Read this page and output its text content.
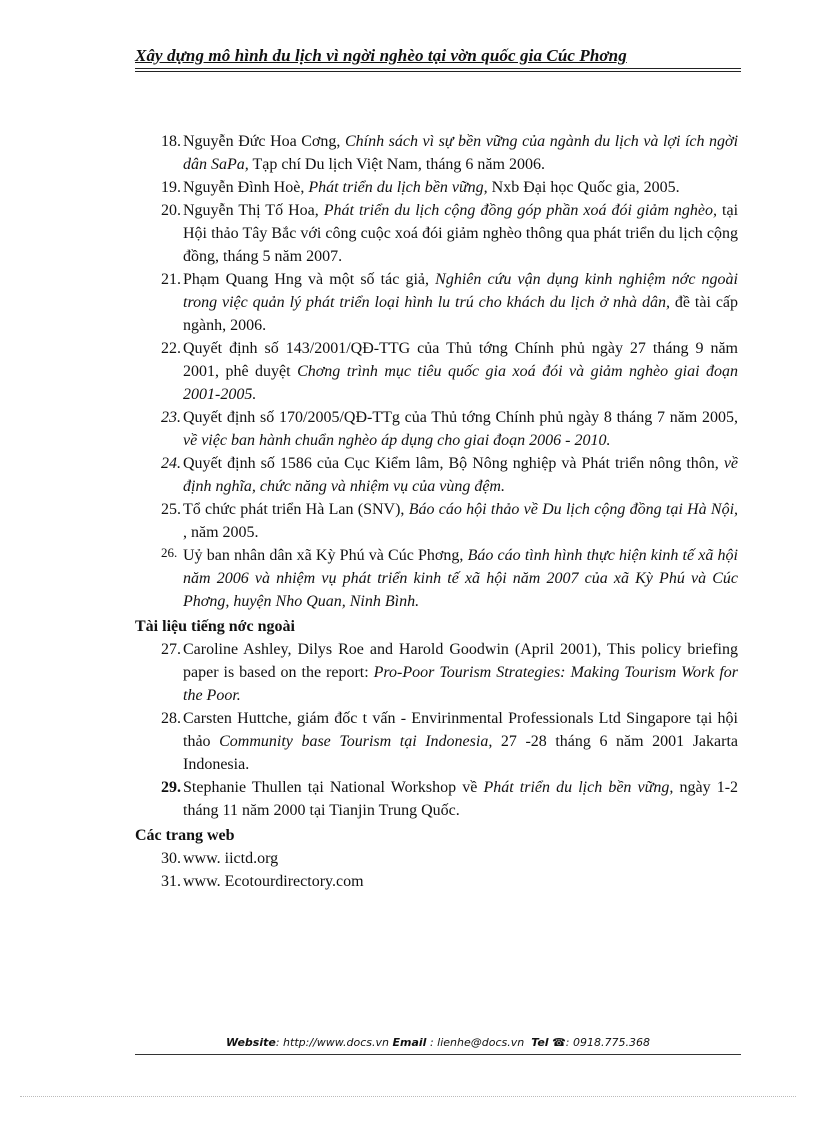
Xây dựng mô hình du lịch vì ngời nghèo tại vờn quốc gia Cúc Phơng
18. Nguyễn Đức Hoa Cơng, Chính sách vì sự bền vững của ngành du lịch và lợi ích ngời dân SaPa, Tạp chí Du lịch Việt Nam, tháng 6 năm 2006.
19. Nguyễn Đình Hoè, Phát triển du lịch bền vững, Nxb Đại học Quốc gia, 2005.
20. Nguyễn Thị Tố Hoa, Phát triển du lịch cộng đồng góp phần xoá đói giảm nghèo, tại Hội thảo Tây Bắc với công cuộc xoá đói giảm nghèo thông qua phát triển du lịch cộng đồng, tháng 5 năm 2007.
21. Phạm Quang Hng và một số tác giả, Nghiên cứu vận dụng kinh nghiệm nớc ngoài trong việc quản lý phát triển loại hình lu trú cho khách du lịch ở nhà dân, đề tài cấp ngành, 2006.
22. Quyết định số 143/2001/QĐ-TTG của Thủ tớng Chính phủ ngày 27 tháng 9 năm 2001, phê duyệt Chơng trình mục tiêu quốc gia xoá đói và giảm nghèo giai đoạn 2001-2005.
23. Quyết định số 170/2005/QĐ-TTg của Thủ tớng Chính phủ ngày 8 tháng 7 năm 2005, về việc ban hành chuẩn nghèo áp dụng cho giai đoạn 2006 - 2010.
24. Quyết định số 1586 của Cục Kiểm lâm, Bộ Nông nghiệp và Phát triển nông thôn, về định nghĩa, chức năng và nhiệm vụ của vùng đệm.
25. Tổ chức phát triển Hà Lan (SNV), Báo cáo hội thảo về Du lịch cộng đồng tại Hà Nội, , năm 2005.
26. Uỷ ban nhân dân xã Kỳ Phú và Cúc Phơng, Báo cáo tình hình thực hiện kinh tế xã hội năm 2006 và nhiệm vụ phát triển kinh tế xã hội năm 2007 của xã Kỳ Phú và Cúc Phơng, huyện Nho Quan, Ninh Bình.
Tài liệu tiếng nớc ngoài
27. Caroline Ashley, Dilys Roe and Harold Goodwin (April 2001), This policy briefing paper is based on the report: Pro-Poor Tourism Strategies: Making Tourism Work for the Poor.
28. Carsten Huttche, giám đốc t vấn - Envirinmental Professionals Ltd Singapore tại hội thảo Community base Tourism tại Indonesia, 27 -28 tháng 6 năm 2001 Jakarta Indonesia.
29. Stephanie Thullen tại National Workshop về Phát triển du lịch bền vững, ngày 1-2 tháng 11 năm 2000 tại Tianjin Trung Quốc.
Các trang web
30. www. iictd.org
31. www. Ecotourdirectory.com
Website: http://www.docs.vn Email : lienhe@docs.vn Tel ☎: 0918.775.368
